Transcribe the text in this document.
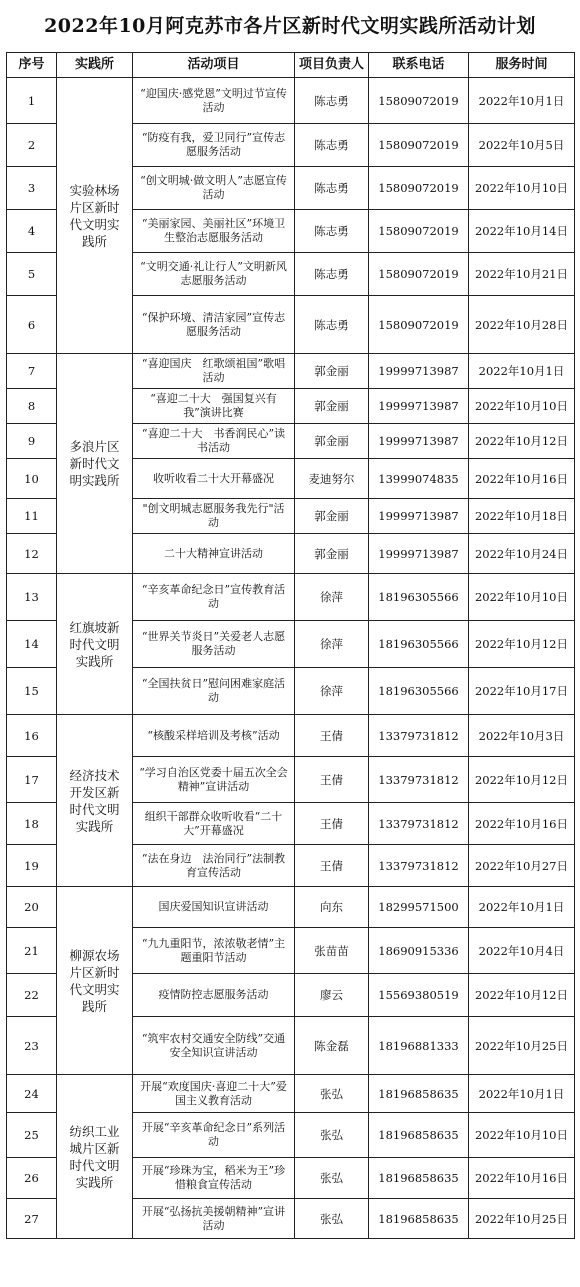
2022年10月阿克苏市各片区新时代文明实践所活动计划
序号	实践所	活动项目	项目负责人	联系电话	服务时间
1	实验林场片区新时代文明实践所	“迎国庆·感党恩”文明过节宣传活动	陈志勇	15809072019	2022年10月1日
2		“防疫有我，爱卫同行”宣传志愿服务活动	陈志勇	15809072019	2022年10月5日
3		“创文明城·做文明人”志愿宣传活动	陈志勇	15809072019	2022年10月10日
4		“美丽家园、美丽社区”环境卫生整治志愿服务活动	陈志勇	15809072019	2022年10月14日
5		“文明交通·礼让行人”文明新风志愿服务活动	陈志勇	15809072019	2022年10月21日
6		“保护环境、清洁家园”宣传志愿服务活动	陈志勇	15809072019	2022年10月28日
7	多浪片区新时代文明实践所	“喜迎国庆　红歌颂祖国”歌唱活动	郭金丽	19999713987	2022年10月1日
8		“喜迎二十大　强国复兴有我”演讲比赛	郭金丽	19999713987	2022年10月10日
9		“喜迎二十大　书香润民心”读书活动	郭金丽	19999713987	2022年10月12日
10		收听收看二十大开幕盛况	麦迪努尔	13999074835	2022年10月16日
11		"创文明城志愿服务我先行"活动	郭金丽	19999713987	2022年10月18日
12		二十大精神宣讲活动	郭金丽	19999713987	2022年10月24日
13	红旗坡新时代文明实践所	“辛亥革命纪念日”宣传教育活动	徐萍	18196305566	2022年10月10日
14		“世界关节炎日”关爱老人志愿服务活动	徐萍	18196305566	2022年10月12日
15		“全国扶贫日”慰问困难家庭活动	徐萍	18196305566	2022年10月17日
16	经济技术开发区新时代文明实践所	“核酸采样培训及考核”活动	王倩	13379731812	2022年10月3日
17		“学习自治区党委十届五次全会精神”宣讲活动	王倩	13379731812	2022年10月12日
18		组织干部群众收听收看“二十大”开幕盛况	王倩	13379731812	2022年10月16日
19		“法在身边　法治同行”法制教育宣传活动	王倩	13379731812	2022年10月27日
20	柳源农场片区新时代文明实践所	国庆爱国知识宣讲活动	向东	18299571500	2022年10月1日
21		“九九重阳节，浓浓敬老情”主题重阳节活动	张苗苗	18690915336	2022年10月4日
22		疫情防控志愿服务活动	廖云	15569380519	2022年10月12日
23		“筑牢农村交通安全防线”交通安全知识宣讲活动	陈金磊	18196881333	2022年10月25日
24	纺织工业城片区新时代文明实践所	开展“欢度国庆·喜迎二十大”爱国主义教育活动	张弘	18196858635	2022年10月1日
25		开展“辛亥革命纪念日”系列活动	张弘	18196858635	2022年10月10日
26		开展“珍珠为宝，稻米为王”珍惜粮食宣传活动	张弘	18196858635	2022年10月16日
27		开展“弘扬抗美援朝精神”宣讲活动	张弘	18196858635	2022年10月25日
